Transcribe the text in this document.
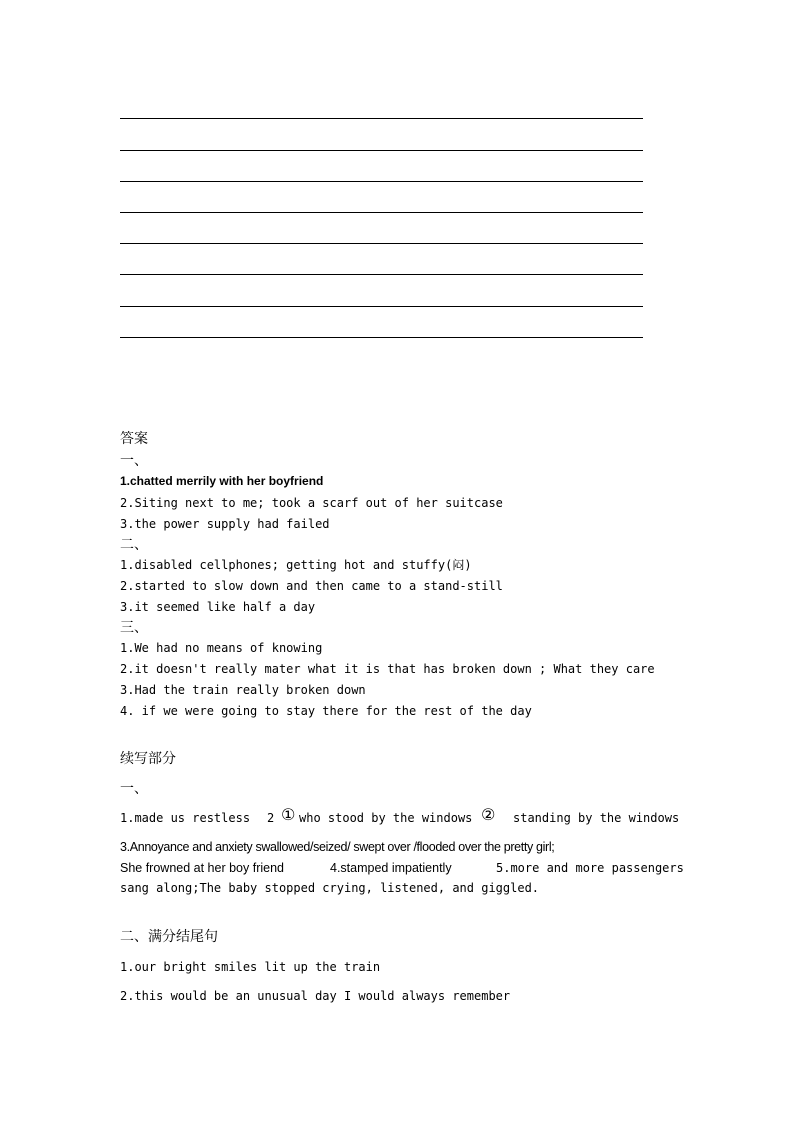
答案
一、
1.chatted merrily with her boyfriend
2.Siting next to me; took a scarf out of her suitcase
3.the power supply had failed
二、
1.disabled cellphones; getting hot and stuffy(闷)
2.started to slow down and then came to a stand-still
3.it seemed like half a day
三、
1.We had no means of knowing
2.it doesn't really mater what it is that has broken down ; What they care
3.Had the train really broken down
4. if we were going to stay there for the rest of the day
续写部分
一、
1.made us restless 2 ① who stood by the windows ② standing by the windows
3.Annoyance and anxiety swallowed/seized/ swept over /flooded over the pretty girl;
She frowned at her boy friend	4.stamped impatiently	5.more and more passengers
sang along;The baby stopped crying, listened, and giggled.
二、满分结尾句
1.our bright smiles lit up the train
2.this would be an unusual day I would always remember
